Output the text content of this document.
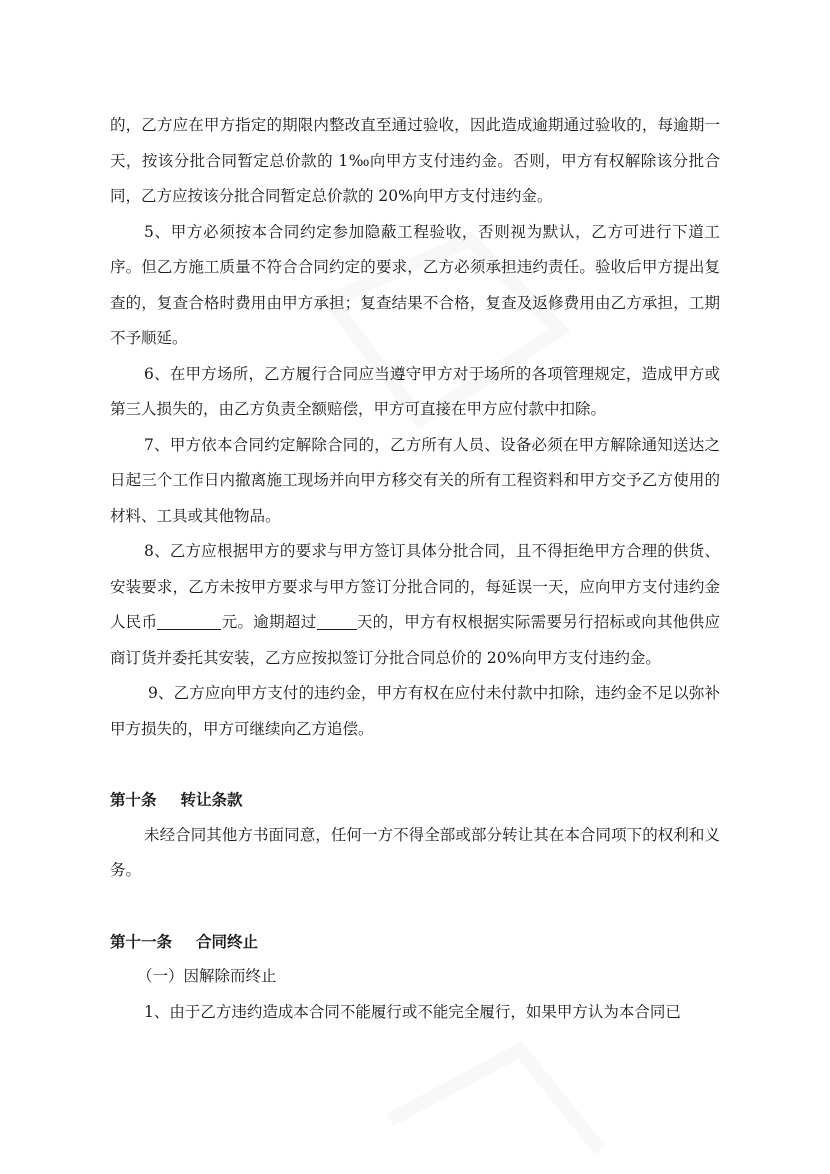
的，乙方应在甲方指定的期限内整改直至通过验收，因此造成逾期通过验收的，每逾期一天，按该分批合同暂定总价款的 1‰向甲方支付违约金。否则，甲方有权解除该分批合同，乙方应按该分批合同暂定总价款的 20%向甲方支付违约金。

5、甲方必须按本合同约定参加隐蔽工程验收，否则视为默认，乙方可进行下道工序。但乙方施工质量不符合合同约定的要求，乙方必须承担违约责任。验收后甲方提出复查的，复查合格时费用由甲方承担；复查结果不合格，复查及返修费用由乙方承担，工期不予顺延。

6、在甲方场所，乙方履行合同应当遵守甲方对于场所的各项管理规定，造成甲方或第三人损失的，由乙方负责全额赔偿，甲方可直接在甲方应付款中扣除。

7、甲方依本合同约定解除合同的，乙方所有人员、设备必须在甲方解除通知送达之日起三个工作日内撤离施工现场并向甲方移交有关的所有工程资料和甲方交予乙方使用的材料、工具或其他物品。

8、乙方应根据甲方的要求与甲方签订具体分批合同，且不得拒绝甲方合理的供货、安装要求，乙方未按甲方要求与甲方签订分批合同的，每延误一天，应向甲方支付违约金人民币	元。逾期超过	天的，甲方有权根据实际需要另行招标或向其他供应商订货并委托其安装，乙方应按拟签订分批合同总价的 20%向甲方支付违约金。

9、乙方应向甲方支付的违约金，甲方有权在应付未付款中扣除，违约金不足以弥补甲方损失的，甲方可继续向乙方追偿。

第十条 转让条款

未经合同其他方书面同意，任何一方不得全部或部分转让其在本合同项下的权利和义务。

第十一条 合同终止

（一）因解除而终止

1、由于乙方违约造成本合同不能履行或不能完全履行，如果甲方认为本合同已
